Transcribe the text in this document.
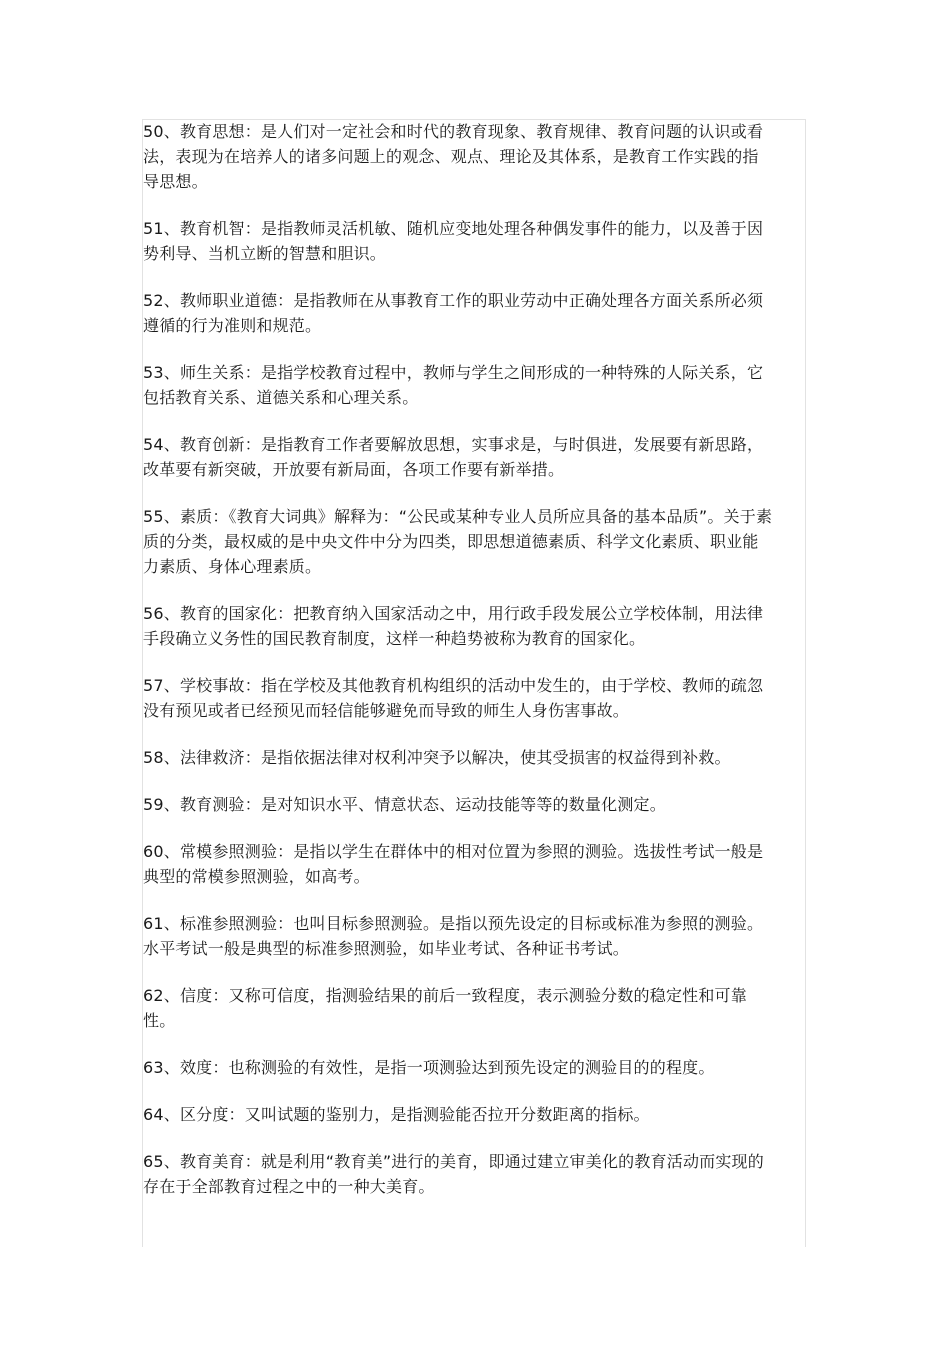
50、教育思想：是人们对一定社会和时代的教育现象、教育规律、教育问题的认识或看法，表现为在培养人的诸多问题上的观念、观点、理论及其体系，是教育工作实践的指导思想。

51、教育机智：是指教师灵活机敏、随机应变地处理各种偶发事件的能力，以及善于因势利导、当机立断的智慧和胆识。

52、教师职业道德：是指教师在从事教育工作的职业劳动中正确处理各方面关系所必须遵循的行为准则和规范。

53、师生关系：是指学校教育过程中，教师与学生之间形成的一种特殊的人际关系，它包括教育关系、道德关系和心理关系。

54、教育创新：是指教育工作者要解放思想，实事求是，与时俱进，发展要有新思路，改革要有新突破，开放要有新局面，各项工作要有新举措。

55、素质：《教育大词典》解释为：“公民或某种专业人员所应具备的基本品质”。关于素质的分类，最权威的是中央文件中分为四类，即思想道德素质、科学文化素质、职业能力素质、身体心理素质。

56、教育的国家化：把教育纳入国家活动之中，用行政手段发展公立学校体制，用法律手段确立义务性的国民教育制度，这样一种趋势被称为教育的国家化。

57、学校事故：指在学校及其他教育机构组织的活动中发生的，由于学校、教师的疏忽没有预见或者已经预见而轻信能够避免而导致的师生人身伤害事故。

58、法律救济：是指依据法律对权利冲突予以解决，使其受损害的权益得到补救。

59、教育测验：是对知识水平、情意状态、运动技能等等的数量化测定。

60、常模参照测验：是指以学生在群体中的相对位置为参照的测验。选拔性考试一般是典型的常模参照测验，如高考。

61、标准参照测验：也叫目标参照测验。是指以预先设定的目标或标准为参照的测验。水平考试一般是典型的标准参照测验，如毕业考试、各种证书考试。

62、信度：又称可信度，指测验结果的前后一致程度，表示测验分数的稳定性和可靠性。

63、效度：也称测验的有效性，是指一项测验达到预先设定的测验目的的程度。

64、区分度：又叫试题的鉴别力，是指测验能否拉开分数距离的指标。

65、教育美育：就是利用“教育美”进行的美育，即通过建立审美化的教育活动而实现的存在于全部教育过程之中的一种大美育。
